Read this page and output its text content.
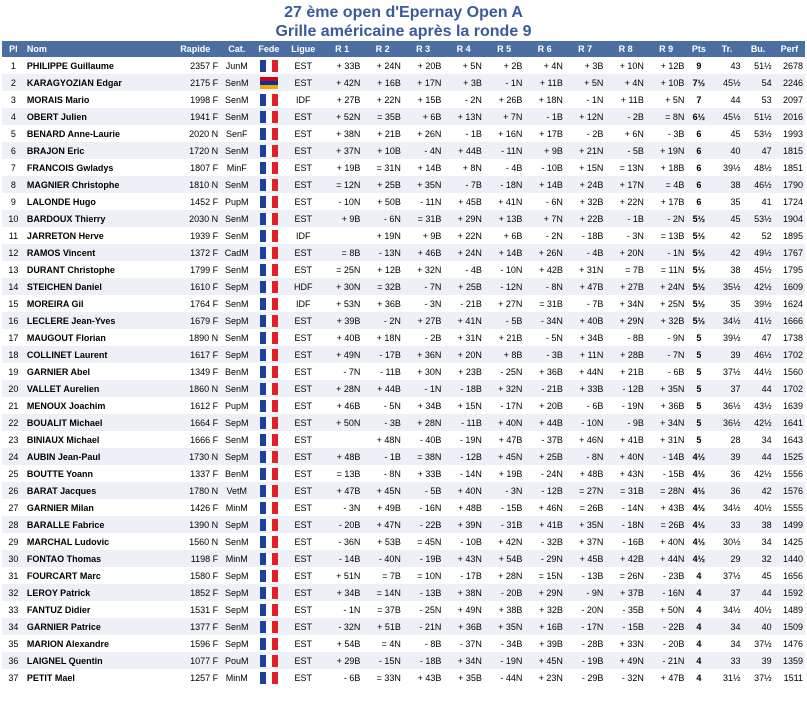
27 ème open d'Epernay Open A
Grille américaine après la ronde 9
Pl	Nom	Rapide	Cat.	Fede	Ligue	R 1	R 2	R 3	R 4	R 5	R 6	R 7	R 8	R 9	Pts	Tr.	Bu.	Perf
1	PHILIPPE Guillaume	2357 F	JunM		EST	+ 33B	+ 24N	+ 20B	+ 5N	+ 2B	+ 4N	+ 3B	+ 10N	+ 12B	9	43	51½	2678
2	KARAGYOZIAN Edgar	2175 F	SenM		EST	+ 42N	+ 16B	+ 17N	+ 3B	- 1N	+ 11B	+ 5N	+ 4N	+ 10B	7½	45½	54	2246
3	MORAIS Mario	1998 F	SenM		IDF	+ 27B	+ 22N	+ 15B	- 2N	+ 26B	+ 18N	- 1N	+ 11B	+ 5N	7	44	53	2097
4	OBERT Julien	1941 F	SenM		EST	+ 52N	= 35B	+ 6B	+ 13N	+ 7N	- 1B	+ 12N	- 2B	= 8N	6½	45½	51½	2016
5	BENARD Anne-Laurie	2020 N	SenF		EST	+ 38N	+ 21B	+ 26N	- 1B	+ 16N	+ 17B	- 2B	+ 6N	- 3B	6	45	53½	1993
6	BRAJON Eric	1720 N	SenM		EST	+ 37N	+ 10B	- 4N	+ 44B	- 11N	+ 9B	+ 21N	- 5B	+ 19N	6	40	47	1815
7	FRANCOIS Gwladys	1807 F	MinF		EST	+ 19B	= 31N	+ 14B	+ 8N	- 4B	- 10B	+ 15N	= 13N	+ 18B	6	39½	48½	1851
8	MAGNIER Christophe	1810 N	SenM		EST	= 12N	+ 25B	+ 35N	- 7B	- 18N	+ 14B	+ 24B	+ 17N	= 4B	6	38	46½	1790
9	LALONDE Hugo	1452 F	PupM		EST	- 10N	+ 50B	- 11N	+ 45B	+ 41N	- 6N	+ 32B	+ 22N	+ 17B	6	35	41	1724
10	BARDOUX Thierry	2030 N	SenM		EST	+ 9B	- 6N	= 31B	+ 29N	+ 13B	+ 7N	+ 22B	- 1B	- 2N	5½	45	53½	1904
11	JARRETON Herve	1939 F	SenM		IDF		+ 19N	+ 9B	+ 22N	+ 6B	- 2N	- 18B	- 3N	= 13B	5½	42	52	1895
12	RAMOS Vincent	1372 F	CadM		EST	= 8B	- 13N	+ 46B	+ 24N	+ 14B	+ 26N	- 4B	+ 20N	- 1N	5½	42	49½	1767
13	DURANT Christophe	1799 F	SenM		EST	= 25N	+ 12B	+ 32N	- 4B	- 10N	+ 42B	+ 31N	= 7B	= 11N	5½	38	45½	1795
14	STEICHEN Daniel	1610 F	SepM		HDF	+ 30N	= 32B	- 7N	+ 25B	- 12N	- 8N	+ 47B	+ 27B	+ 24N	5½	35½	42½	1609
15	MOREIRA Gil	1764 F	SenM		IDF	+ 53N	+ 36B	- 3N	- 21B	+ 27N	= 31B	- 7B	+ 34N	+ 25N	5½	35	39½	1624
16	LECLERE Jean-Yves	1679 F	SepM		EST	+ 39B	- 2N	+ 27B	+ 41N	- 5B	- 34N	+ 40B	+ 29N	+ 32B	5½	34½	41½	1666
17	MAUGOUT Florian	1890 N	SenM		EST	+ 40B	+ 18N	- 2B	+ 31N	+ 21B	- 5N	+ 34B	- 8B	- 9N	5	39½	47	1738
18	COLLINET Laurent	1617 F	SepM		EST	+ 49N	- 17B	+ 36N	+ 20N	+ 8B	- 3B	+ 11N	+ 28B	- 7N	5	39	46½	1702
19	GARNIER Abel	1349 F	BenM		EST	- 7N	- 11B	+ 30N	+ 23B	- 25N	+ 36B	+ 44N	+ 21B	- 6B	5	37½	44½	1560
20	VALLET Aurelien	1860 N	SenM		EST	+ 28N	+ 44B	- 1N	- 18B	+ 32N	- 21B	+ 33B	- 12B	+ 35N	5	37	44	1702
21	MENOUX Joachim	1612 F	PupM		EST	+ 46B	- 5N	+ 34B	+ 15N	- 17N	+ 20B	- 6B	- 19N	+ 36B	5	36½	43½	1639
22	BOUALIT Michael	1664 F	SepM		EST	+ 50N	- 3B	+ 28N	- 11B	+ 40N	+ 44B	- 10N	- 9B	+ 34N	5	36½	42½	1641
23	BINIAUX Michael	1666 F	SenM		EST		+ 48N	- 40B	- 19N	+ 47B	- 37B	+ 46N	+ 41B	+ 31N	5	28	34	1643
24	AUBIN Jean-Paul	1730 N	SepM		EST	+ 48B	- 1B	= 38N	- 12B	+ 45N	+ 25B	- 8N	+ 40N	- 14B	4½	39	44	1525
25	BOUTTE Yoann	1337 F	BenM		EST	= 13B	- 8N	+ 33B	- 14N	+ 19B	- 24N	+ 48B	+ 43N	- 15B	4½	36	42½	1556
26	BARAT Jacques	1780 N	VetM		EST	+ 47B	+ 45N	- 5B	+ 40N	- 3N	- 12B	= 27N	= 31B	= 28N	4½	36	42	1576
27	GARNIER Milan	1426 F	MinM		EST	- 3N	+ 49B	- 16N	+ 48B	- 15B	+ 46N	= 26B	- 14N	+ 43B	4½	34½	40½	1555
28	BARALLE Fabrice	1390 N	SepM		EST	- 20B	+ 47N	- 22B	+ 39N	- 31B	+ 41B	+ 35N	- 18N	= 26B	4½	33	38	1499
29	MARCHAL Ludovic	1560 N	SenM		EST	- 36N	+ 53B	= 45N	- 10B	+ 42N	- 32B	+ 37N	- 16B	+ 40N	4½	30½	34	1425
30	FONTAO Thomas	1198 F	MinM		EST	- 14B	- 40N	- 19B	+ 43N	+ 54B	- 29N	+ 45B	+ 42B	+ 44N	4½	29	32	1440
31	FOURCART Marc	1580 F	SepM		EST	+ 51N	= 7B	= 10N	- 17B	+ 28N	= 15N	- 13B	= 26N	- 23B	4	37½	45	1656
32	LEROY Patrick	1852 F	SepM		EST	+ 34B	= 14N	- 13B	+ 38N	- 20B	+ 29N	- 9N	+ 37B	- 16N	4	37	44	1592
33	FANTUZ Didier	1531 F	SepM		EST	- 1N	= 37B	- 25N	+ 49N	+ 38B	+ 32B	- 20N	- 35B	+ 50N	4	34½	40½	1489
34	GARNIER Patrice	1377 F	SenM		EST	- 32N	+ 51B	- 21N	+ 36B	+ 35N	+ 16B	- 17N	- 15B	- 22B	4	34	40	1509
35	MARION Alexandre	1596 F	SepM		EST	+ 54B	= 4N	- 8B	- 37N	- 34B	+ 39B	- 28B	+ 33N	- 20B	4	34	37½	1476
36	LAIGNEL Quentin	1077 F	PouM		EST	+ 29B	- 15N	- 18B	+ 34N	- 19N	+ 45N	- 19B	+ 49N	- 21N	4	33	39	1359
37	PETIT Mael	1257 F	MinM		EST	- 6B	= 33N	+ 43B	+ 35B	- 44N	+ 23N	- 29B	- 32N	+ 47B	4	31½	37½	1511
